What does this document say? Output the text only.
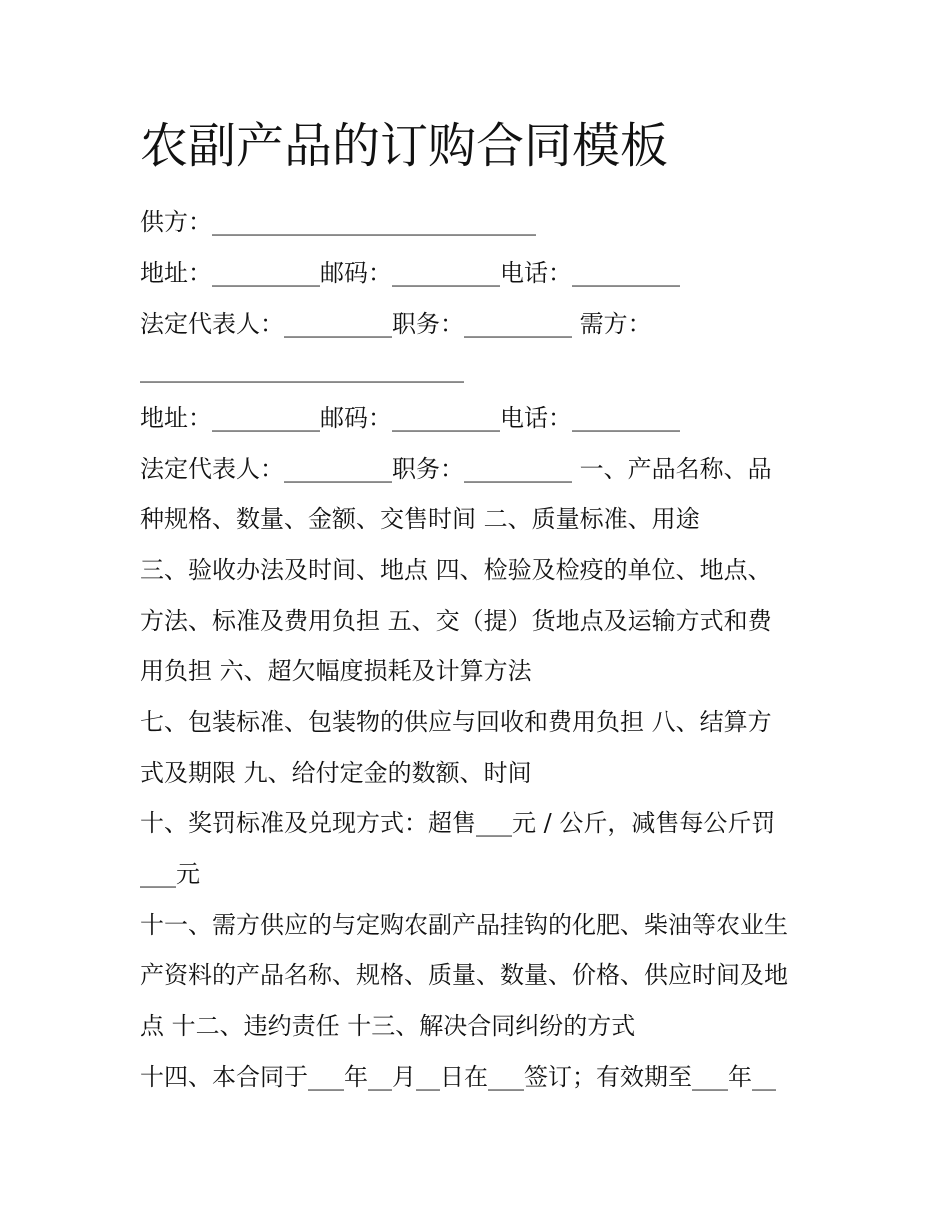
农副产品的订购合同模板

供方：___________________________

地址：_________邮码：_________电话：_________

法定代表人：_________职务：_________ 需方：

___________________________

地址：_________邮码：_________电话：_________

法定代表人：_________职务：_________ 一、产品名称、品

种规格、数量、金额、交售时间 二、质量标准、用途

三、验收办法及时间、地点 四、检验及检疫的单位、地点、

方法、标准及费用负担 五、交（提）货地点及运输方式和费

用负担 六、超欠幅度损耗及计算方法

七、包装标准、包装物的供应与回收和费用负担 八、结算方

式及期限 九、给付定金的数额、时间

十、奖罚标准及兑现方式：超售___元 / 公斤，减售每公斤罚

___元

十一、需方供应的与定购农副产品挂钩的化肥、柴油等农业生

产资料的产品名称、规格、质量、数量、价格、供应时间及地

点 十二、违约责任 十三、解决合同纠纷的方式

十四、本合同于___年__月__日在___签订；有效期至___年__
